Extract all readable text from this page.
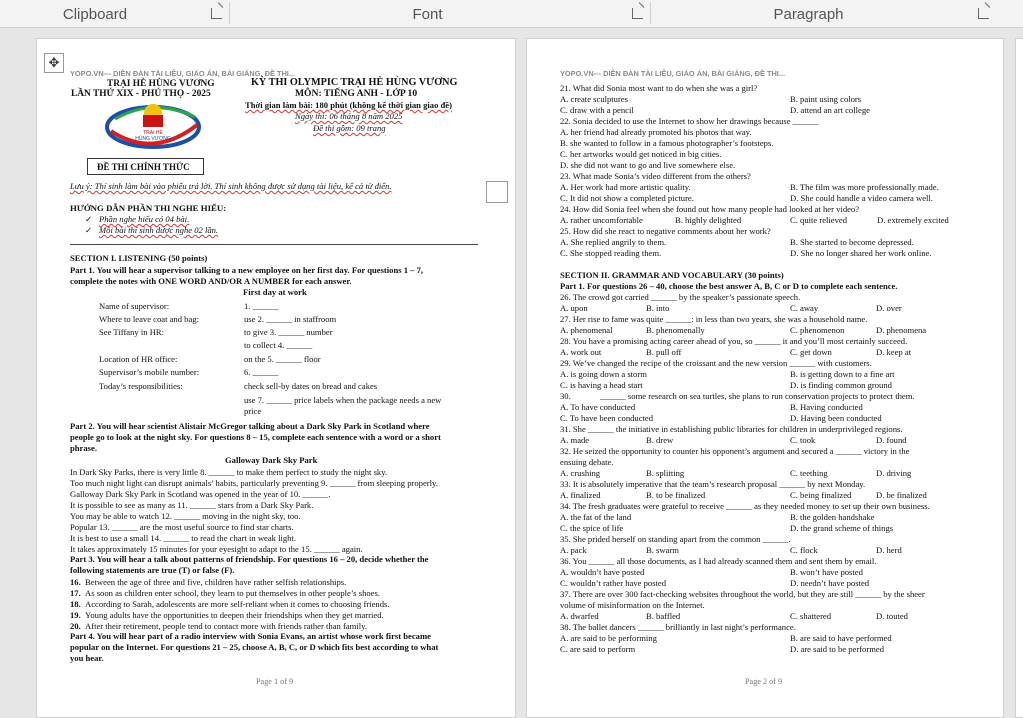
Clipboard	Font	Paragraph
✥
YOPO.VN--- DIỄN ĐÀN TÀI LIỆU, GIÁO ÁN, BÀI GIẢNG, ĐỀ THI...
TRẠI HÈ HÙNG VƯƠNG
LẦN THỨ XIX - PHÚ THỌ - 2025
TRẠI HÈ
HÙNG VƯƠNG
KỲ THI OLYMPIC TRẠI HÈ HÙNG VƯƠNG
MÔN: TIẾNG ANH - LỚP 10
Thời gian làm bài: 180 phút (không kể thời gian giao đề)
Ngày thi: 06 tháng 8 năm 2025
Đề thi gồm: 09 trang
ĐỀ THI CHÍNH THỨC
Lưu ý: Thí sinh làm bài vào phiếu trả lời. Thí sinh không được sử dụng tài liệu, kể cả từ điển.
HƯỚNG DẪN PHẦN THI NGHE HIỂU:
✓ Phần nghe hiểu có 04 bài.
✓ Mỗi bài thí sinh được nghe 02 lần.
SECTION I. LISTENING (50 points)
Part 1. You will hear a supervisor talking to a new employee on her first day. For questions 1 – 7,
complete the notes with ONE WORD AND/OR A NUMBER for each answer.
First day at work
Name of supervisor:	1. ______
Where to leave coat and bag:	use 2. ______ in staffroom
See Tiffany in HR:	to give 3. ______ number
to collect 4. ______
Location of HR office:	on the 5. ______ floor
Supervisor’s mobile number:	6. ______
Today’s responsibilities:	check sell-by dates on bread and cakes
use 7. ______ price labels when the package needs a new
price
Part 2. You will hear scientist Alistair McGregor talking about a Dark Sky Park in Scotland where
people go to look at the night sky. For questions 8 – 15, complete each sentence with a word or a short
phrase.
Galloway Dark Sky Park
In Dark Sky Parks, there is very little 8. ______ to make them perfect to study the night sky.
Too much night light can disrupt animals’ habits, particularly preventing 9. ______ from sleeping properly.
Galloway Dark Sky Park in Scotland was opened in the year of 10. ______.
It is possible to see as many as 11. ______ stars from a Dark Sky Park.
You may be able to watch 12. ______ moving in the night sky, too.
Popular 13. ______ are the most useful source to find star charts.
It is best to use a small 14. ______ to read the chart in weak light.
It takes approximately 15 minutes for your eyesight to adapt to the 15. ______ again.
Part 3. You will hear a talk about patterns of friendship. For questions 16 – 20, decide whether the
following statements are true (T) or false (F).
16. Between the age of three and five, children have rather selfish relationships.
17. As soon as children enter school, they learn to put themselves in other people’s shoes.
18. According to Sarah, adolescents are more self-reliant when it comes to choosing friends.
19. Young adults have the opportunities to deepen their friendships when they get married.
20. After their retirement, people tend to contact more with friends rather than family.
Part 4. You will hear part of a radio interview with Sonia Evans, an artist whose work first became
popular on the Internet. For questions 21 – 25, choose A, B, C, or D which fits best according to what
you hear.
Page 1 of 9
YOPO.VN--- DIỄN ĐÀN TÀI LIỆU, GIÁO ÁN, BÀI GIẢNG, ĐỀ THI...
21. What did Sonia most want to do when she was a girl?
A. create sculptures	B. paint using colors
C. draw with a pencil	D. attend an art college
22. Sonia decided to use the Internet to show her drawings because ______
A. her friend had already promoted his photos that way.
B. she wanted to follow in a famous photographer’s footsteps.
C. her artworks would get noticed in big cities.
D. she did not want to go and live somewhere else.
23. What made Sonia’s video different from the others?
A. Her work had more artistic quality.	B. The film was more professionally made.
C. It did not show a completed picture.	D. She could handle a video camera well.
24. How did Sonia feel when she found out how many people had looked at her video?
A. rather uncomfortable	B. highly delighted	C. quite relieved	D. extremely excited
25. How did she react to negative comments about her work?
A. She replied angrily to them.	B. She started to become depressed.
C. She stopped reading them.	D. She no longer shared her work online.
SECTION II. GRAMMAR AND VOCABULARY (30 points)
Part 1. For questions 26 – 40, choose the best answer A, B, C or D to complete each sentence.
26. The crowd got carried ______ by the speaker’s passionate speech.
A. upon	B. into	C. away	D. over
27. Her rise to fame was quite ______: in less than two years, she was a household name.
A. phenomenal	B. phenomenally	C. phenomenon	D. phenomena
28. You have a promising acting career ahead of you, so ______ it and you’ll most certainly succeed.
A. work out	B. pull off	C. get down	D. keep at
29. We’ve changed the recipe of the croissant and the new version ______ with customers.
A. is going down a storm	B. is getting down to a fine art
C. is having a head start	D. is finding common ground
30.	______ some research on sea turtles, she plans to run conservation projects to protect them.
A. To have conducted	B. Having conducted
C. To have been conducted	D. Having been conducted
31. She ______ the initiative in establishing public libraries for children in underprivileged regions.
A. made	B. drew	C. took	D. found
32. He seized the opportunity to counter his opponent’s argument and secured a ______ victory in the
ensuing debate.
A. crushing	B. splitting	C. teething	D. driving
33. It is absolutely imperative that the team’s research proposal ______ by next Monday.
A. finalized	B. to be finalized	C. being finalized	D. be finalized
34. The fresh graduates were grateful to receive ______ as they needed money to set up their own business.
A. the fat of the land	B. the golden handshake
C. the spice of life	D. the grand scheme of things
35. She prided herself on standing apart from the common ______.
A. pack	B. swarm	C. flock	D. herd
36. You ______ all those documents, as I had already scanned them and sent them by email.
A. wouldn’t have posted	B. won’t have posted
C. wouldn’t rather have posted	D. needn’t have posted
37. There are over 300 fact-checking websites throughout the world, but they are still ______ by the sheer
volume of misinformation on the Internet.
A. dwarfed	B. baffled	C. shattered	D. touted
38. The ballet dancers ______ brilliantly in last night’s performance.
A. are said to be performing	B. are said to have performed
C. are said to perform	D. are said to be performed
Page 2 of 9
